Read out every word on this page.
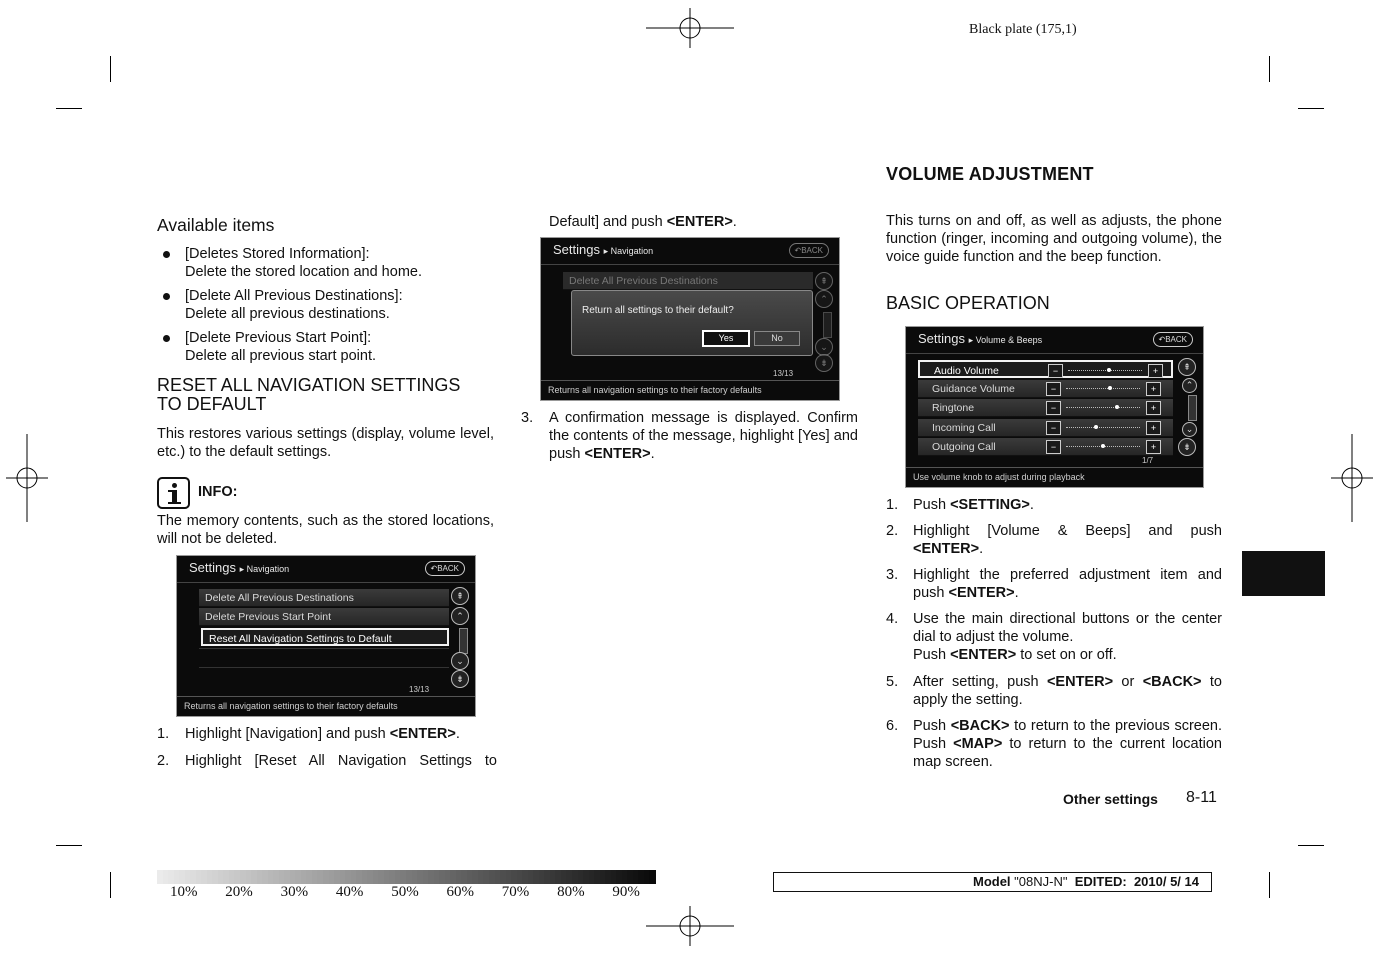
Black plate (175,1)
Available items
[Deletes Stored Information]:
Delete the stored location and home.
[Delete All Previous Destinations]:
Delete all previous destinations.
[Delete Previous Start Point]:
Delete all previous start point.
RESET ALL NAVIGATION SETTINGS
TO DEFAULT
This restores various settings (display, volume level, etc.) to the default settings.
INFO:
The memory contents, such as the stored locations, will not be deleted.
Settings ▸ Navigation	↶BACK
Delete All Previous Destinations
Delete Previous Start Point
Reset All Navigation Settings to Default
⇞
⌃
⌄
⇟
13/13
Returns all navigation settings to their factory defaults
1. Highlight [Navigation] and push <ENTER>.
2. Highlight [Reset All Navigation Settings to
Default] and push <ENTER>.
Settings ▸ Navigation	↶BACK
Delete All Previous Destinations
Return all settings to their default?
Yes	No
⇞
⌃
⌄
⇟
13/13
Returns all navigation settings to their factory defaults
3. A confirmation message is displayed. Confirm the contents of the message, highlight [Yes] and push <ENTER>.
VOLUME ADJUSTMENT
This turns on and off, as well as adjusts, the phone function (ringer, incoming and outgoing volume), the voice guide function and the beep function.
BASIC OPERATION
Settings ▸ Volume & Beeps	↶BACK
Audio Volume	−	+
Guidance Volume	−	+
Ringtone	−	+
Incoming Call	−	+
Outgoing Call	−	+
⇞
⌃
⌄
⇟
1/7
Use volume knob to adjust during playback
1. Push <SETTING>.
2. Highlight [Volume & Beeps] and push <ENTER>.
3. Highlight the preferred adjustment item and push <ENTER>.
4. Use the main directional buttons or the center dial to adjust the volume.
Push <ENTER> to set on or off.
5. After setting, push <ENTER> or <BACK> to apply the setting.
6. Push <BACK> to return to the previous screen. Push <MAP> to return to the current location map screen.
Other settings 8-11
10% 20% 30% 40% 50% 60% 70% 80% 90%
Model "08NJ-N" EDITED: 2010/ 5/ 14
